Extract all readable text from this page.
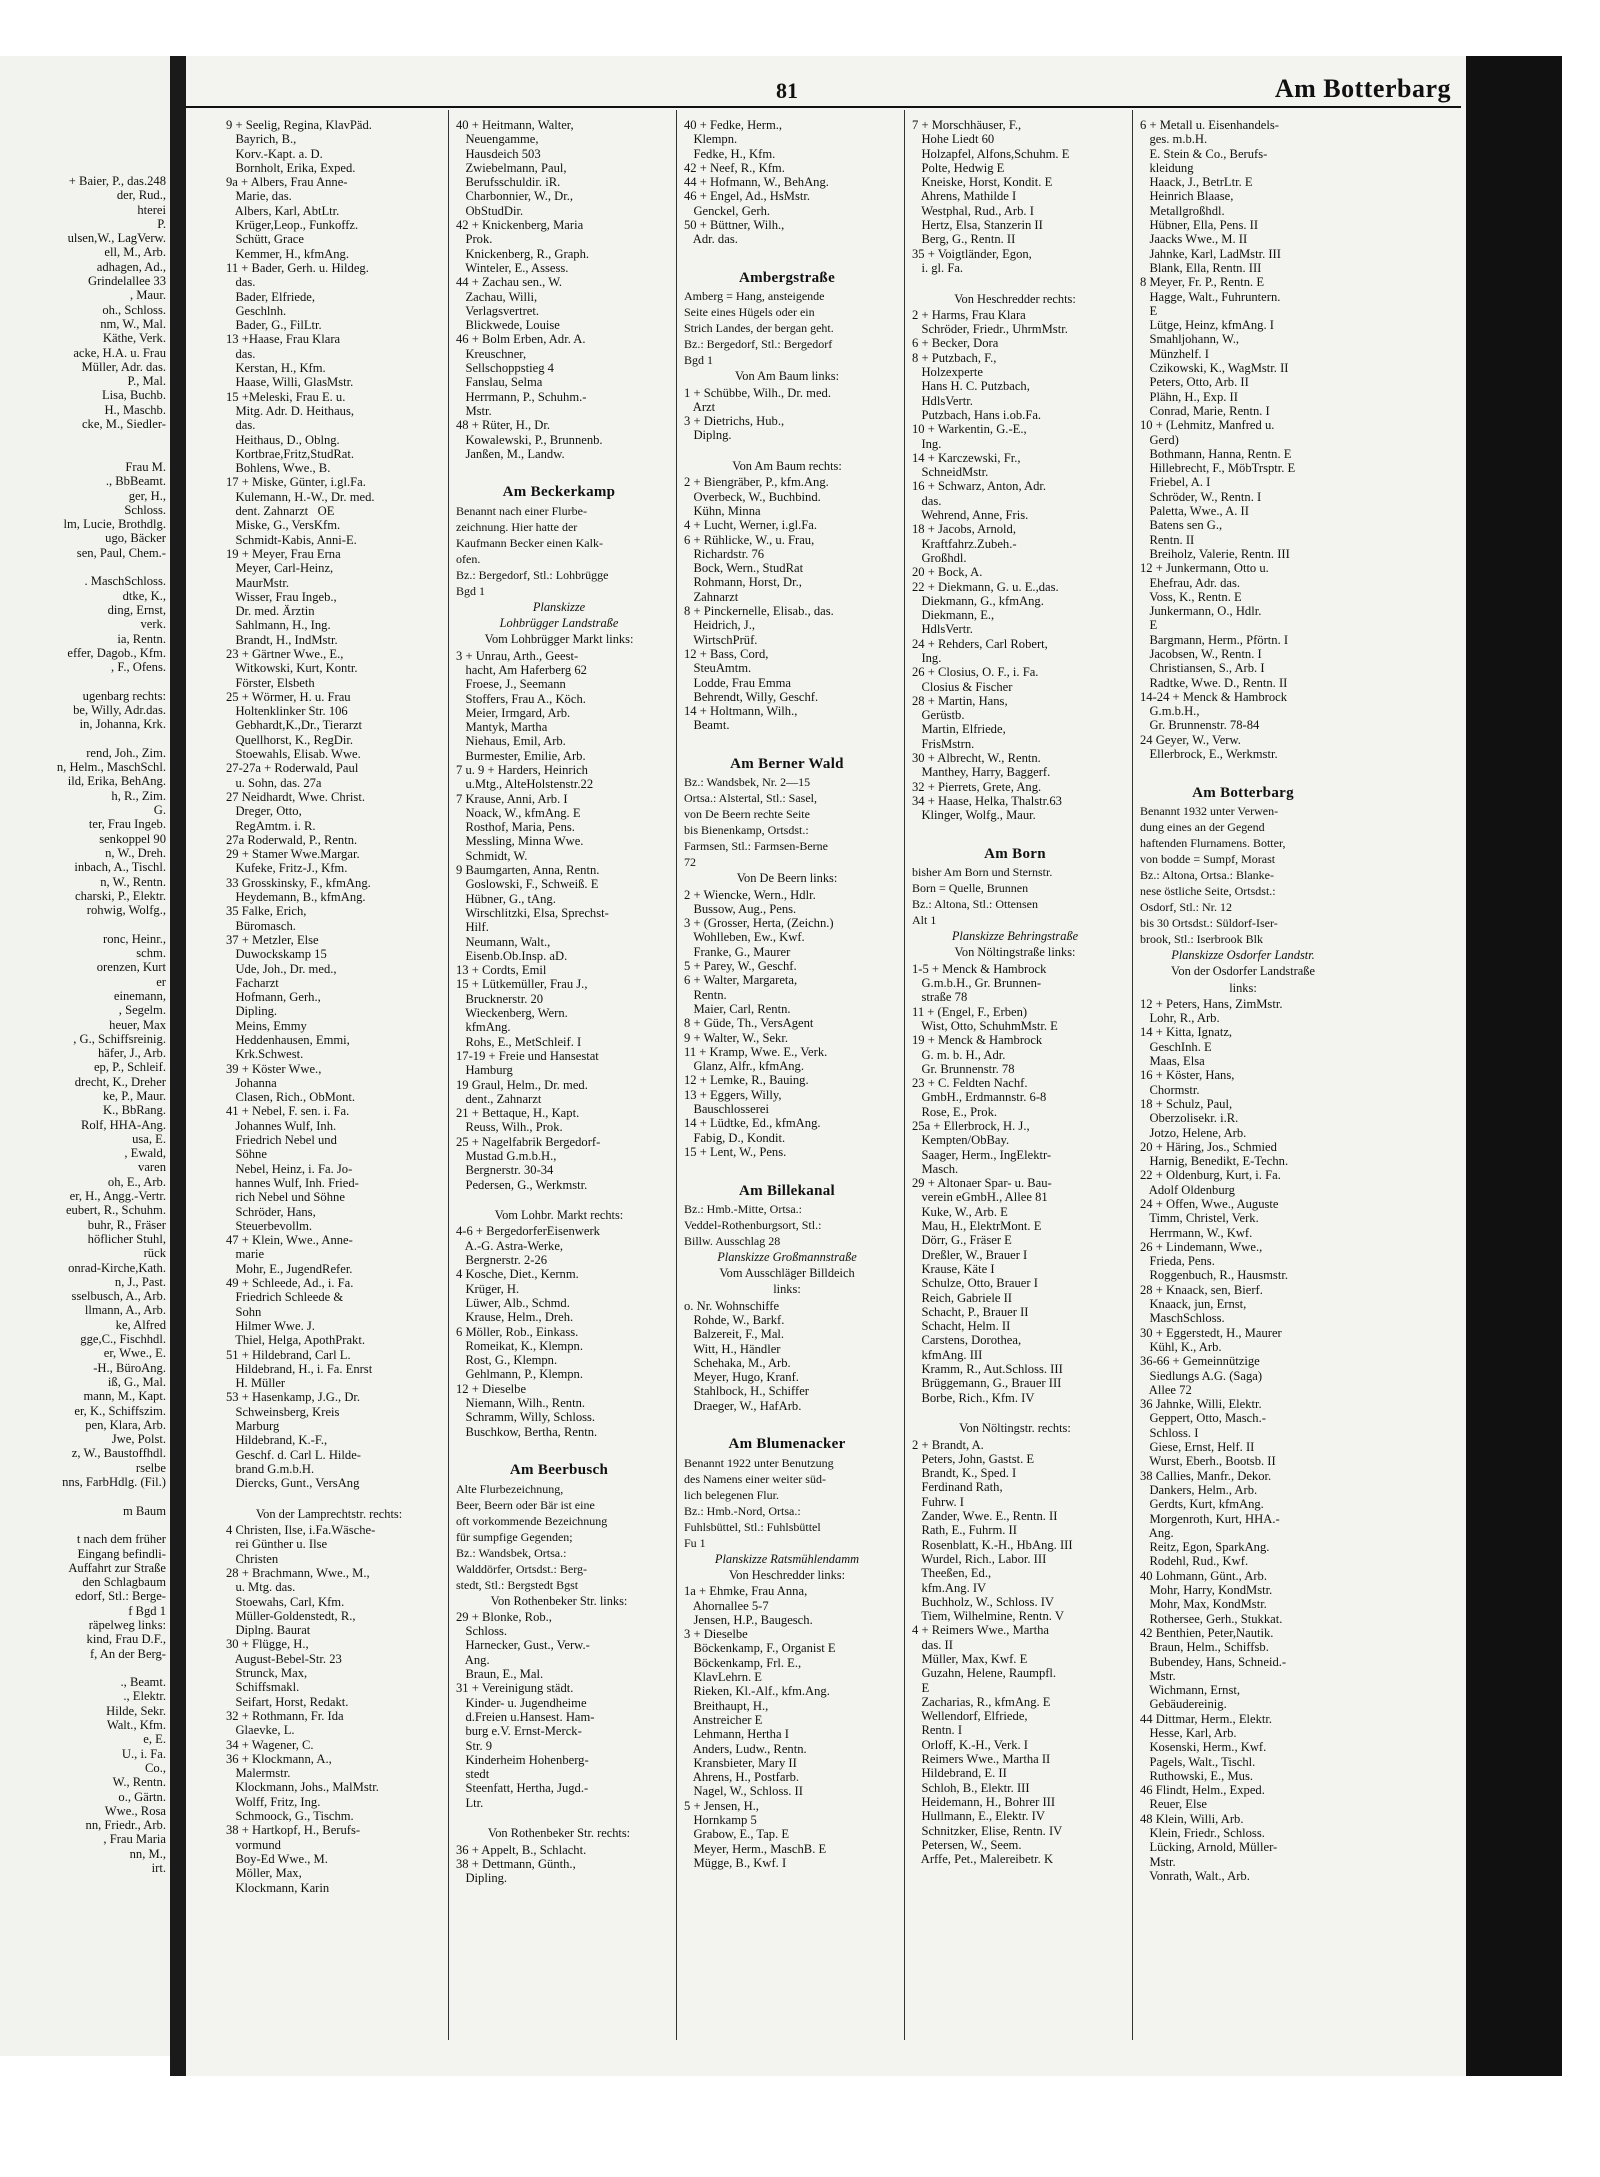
+ Baier, P., das.248
der, Rud.,
hterei
P.
ulsen,W., LagVerw.
ell, M., Arb.
adhagen, Ad.,
Grindelallee 33
, Maur.
oh., Schloss.
nm, W., Mal.
Käthe, Verk.
acke, H.A. u. Frau
Müller, Adr. das.
P., Mal.
Lisa, Buchb.
H., Maschb.
cke, M., Siedler-

Frau M.
., BbBeamt.
ger, H.,
Schloss.
lm, Lucie, Brothdlg.
ugo, Bäcker
sen, Paul, Chem.-

. MaschSchloss.
dtke, K.,
ding, Ernst,
verk.
ia, Rentn.
effer, Dagob., Kfm.
, F., Ofens.

ugenbarg rechts:
be, Willy, Adr.das.
in, Johanna, Krk.

rend, Joh., Zim.
n, Helm., MaschSchl.
ild, Erika, BehAng.
h, R., Zim.
G.
ter, Frau Ingeb.
senkoppel 90
n, W., Dreh.
inbach, A., Tischl.
n, W., Rentn.
charski, P., Elektr.
rohwig, Wolfg.,

ronc, Heinr.,
schm.
orenzen, Kurt
er
einemann,
, Segelm.
heuer, Max
, G., Schiffsreinig.
häfer, J., Arb.
ep, P., Schleif.
drecht, K., Dreher
ke, P., Maur.
K., BbRang.
Rolf, HHA-Ang.
usa, E.
, Ewald,
varen
oh, E., Arb.
er, H., Angg.-Vertr.
eubert, R., Schuhm.
buhr, R., Fräser
höflicher Stuhl,
rück
onrad-Kirche,Kath.
n, J., Past.
sselbusch, A., Arb.
llmann, A., Arb.
ke, Alfred
gge,C., Fischhdl.
er, Wwe., E.
-H., BüroAng.
iß, G., Mal.
mann, M., Kapt.
er, K., Schiffszim.
pen, Klara, Arb.
Jwe, Polst.
z, W., Baustoffhdl.
rselbe
nns, FarbHdlg. (Fil.)

m Baum

t nach dem früher
Eingang befindli-
Auffahrt zur Straße
den Schlagbaum
edorf, Stl.: Berge-
f Bgd 1
räpelweg links:
kind, Frau D.F.,
f, An der Berg-

., Beamt.
., Elektr.
Hilde, Sekr.
Walt., Kfm.
e, E.
U., i. Fa.
Co.,
W., Rentn.
o., Gärtn.
Wwe., Rosa
nn, Friedr., Arb.
, Frau Maria
nn, M.,
irt.
81	Am Botterbarg
9 + Seelig, Regina, KlavPäd.
Bayrich, B.,
Korv.-Kapt. a. D.
Bornholt, Erika, Exped.
9a + Albers, Frau Anne-
Marie, das.
Albers, Karl, AbtLtr.
Krüger,Leop., Funkoffz.
Schütt, Grace
Kemmer, H., kfmAng.
11 + Bader, Gerh. u. Hildeg.
das.
Bader, Elfriede,
Geschlnh.
Bader, G., FilLtr.
13 +Haase, Frau Klara
das.
Kerstan, H., Kfm.
Haase, Willi, GlasMstr.
15 +Meleski, Frau E. u.
Mitg. Adr. D. Heithaus,
das.
Heithaus, D., Oblng.
Kortbrae,Fritz,StudRat.
Bohlens, Wwe., B.
17 + Miske, Günter, i.gl.Fa.
Kulemann, H.-W., Dr. med.
dent. Zahnarzt   OE
Miske, G., VersKfm.
Schmidt-Kabis, Anni-E.
19 + Meyer, Frau Erna
Meyer, Carl-Heinz,
MaurMstr.
Wisser, Frau Ingeb.,
Dr. med. Ärztin
Sahlmann, H., Ing.
Brandt, H., IndMstr.
23 + Gärtner Wwe., E.,
Witkowski, Kurt, Kontr.
Förster, Elsbeth
25 + Wörmer, H. u. Frau
Holtenklinker Str. 106
Gebhardt,K.,Dr., Tierarzt
Quellhorst, K., RegDir.
Stoewahls, Elisab. Wwe.
27-27a + Roderwald, Paul
u. Sohn, das. 27a
27 Neidhardt, Wwe. Christ.
Dreger, Otto,
RegAmtm. i. R.
27a Roderwald, P., Rentn.
29 + Stamer Wwe.Margar.
Kufeke, Fritz-J., Kfm.
33 Grosskinsky, F., kfmAng.
Heydemann, B., kfmAng.
35 Falke, Erich,
Büromasch.
37 + Metzler, Else
Duwockskamp 15
Ude, Joh., Dr. med.,
Facharzt
Hofmann, Gerh.,
Dipling.
Meins, Emmy
Heddenhausen, Emmi,
Krk.Schwest.
39 + Köster Wwe.,
Johanna
Clasen, Rich., ObMont.
41 + Nebel, F. sen. i. Fa.
Johannes Wulf, Inh.
Friedrich Nebel und
Söhne
Nebel, Heinz, i. Fa. Jo-
hannes Wulf, Inh. Fried-
rich Nebel und Söhne
Schröder, Hans,
Steuerbevollm.
47 + Klein, Wwe., Anne-
marie
Mohr, E., JugendRefer.
49 + Schleede, Ad., i. Fa.
Friedrich Schleede &
Sohn
Hilmer Wwe. J.
Thiel, Helga, ApothPrakt.
51 + Hildebrand, Carl L.
Hildebrand, H., i. Fa. Enrst
H. Müller
53 + Hasenkamp, J.G., Dr.
Schweinsberg, Kreis
Marburg
Hildebrand, K.-F.,
Geschf. d. Carl L. Hilde-
brand G.m.b.H.
Diercks, Gunt., VersAng

Von der Lamprechtstr. rechts:
4 Christen, Ilse, i.Fa.Wäsche-
rei Günther u. Ilse
Christen
28 + Brachmann, Wwe., M.,
u. Mtg. das.
Stoewahs, Carl, Kfm.
Müller-Goldenstedt, R.,
Diplng. Baurat
30 + Flügge, H.,
August-Bebel-Str. 23
Strunck, Max,
Schiffsmakl.
Seifart, Horst, Redakt.
32 + Rothmann, Fr. Ida
Glaevke, L.
34 + Wagener, C.
36 + Klockmann, A.,
Malermstr.
Klockmann, Johs., MalMstr.
Wolff, Fritz, Ing.
Schmoock, G., Tischm.
38 + Hartkopf, H., Berufs-
vormund
Boy-Ed Wwe., M.
Möller, Max,
Klockmann, Karin
40 + Heitmann, Walter,
Neuengamme,
Hausdeich 503
Zwiebelmann, Paul,
Berufsschuldir. iR.
Charbonnier, W., Dr.,
ObStudDir.
42 + Knickenberg, Maria
Prok.
Knickenberg, R., Graph.
Winteler, E., Assess.
44 + Zachau sen., W.
Zachau, Willi,
Verlagsvertret.
Blickwede, Louise
46 + Bolm Erben, Adr. A.
Kreuschner,
Sellschoppstieg 4
Fanslau, Selma
Herrmann, P., Schuhm.-
Mstr.
48 + Rüter, H., Dr.
Kowalewski, P., Brunnenb.
Janßen, M., Landw.

Am Beckerkamp
Benannt nach einer Flurbe-
zeichnung. Hier hatte der
Kaufmann Becker einen Kalk-
ofen.
Bz.: Bergedorf, Stl.: Lohbrügge
Bgd 1
Planskizze
Lohbrügger Landstraße
Vom Lohbrügger Markt links:
3 + Unrau, Arth., Geest-
hacht, Am Haferberg 62
Froese, J., Seemann
Stoffers, Frau A., Köch.
Meier, Irmgard, Arb.
Mantyk, Martha
Niehaus, Emil, Arb.
Burmester, Emilie, Arb.
7 u. 9 + Harders, Heinrich
u.Mtg., AlteHolstenstr.22
7 Krause, Anni, Arb. I
Noack, W., kfmAng. E
Rosthof, Maria, Pens.
Messling, Minna Wwe.
Schmidt, W.
9 Baumgarten, Anna, Rentn.
Goslowski, F., Schweiß. E
Hübner, G., tAng.
Wirschlitzki, Elsa, Sprechst-
Hilf.
Neumann, Walt.,
Eisenb.Ob.Insp. aD.
13 + Cordts, Emil
15 + Lütkemüller, Frau J.,
Brucknerstr. 20
Wieckenberg, Wern.
kfmAng.
Rohs, E., MetSchleif. I
17-19 + Freie und Hansestat
Hamburg
19 Graul, Helm., Dr. med.
dent., Zahnarzt
21 + Bettaque, H., Kapt.
Reuss, Wilh., Prok.
25 + Nagelfabrik Bergedorf-
Mustad G.m.b.H.,
Bergnerstr. 30-34
Pedersen, G., Werkmstr.

Vom Lohbr. Markt rechts:
4-6 + BergedorferEisenwerk
A.-G. Astra-Werke,
Bergnerstr. 2-26
4 Kosche, Diet., Kernm.
Krüger, H.
Lüwer, Alb., Schmd.
Krause, Helm., Dreh.
6 Möller, Rob., Einkass.
Romeikat, K., Klempn.
Rost, G., Klempn.
Gehlmann, P., Klempn.
12 + Dieselbe
Niemann, Wilh., Rentn.
Schramm, Willy, Schloss.
Buschkow, Bertha, Rentn.

Am Beerbusch
Alte Flurbezeichnung,
Beer, Beern oder Bär ist eine
oft vorkommende Bezeichnung
für sumpfige Gegenden;
Bz.: Wandsbek, Ortsa.:
Walddörfer, Ortsdst.: Berg-
stedt, Stl.: Bergstedt Bgst
Von Rothenbeker Str. links:
29 + Blonke, Rob.,
Schloss.
Harnecker, Gust., Verw.-
Ang.
Braun, E., Mal.
31 + Vereinigung städt.
Kinder- u. Jugendheime
d.Freien u.Hansest. Ham-
burg e.V. Ernst-Merck-
Str. 9
Kinderheim Hohenberg-
stedt
Steenfatt, Hertha, Jugd.-
Ltr.

Von Rothenbeker Str. rechts:
36 + Appelt, B., Schlacht.
38 + Dettmann, Günth.,
Dipling.
40 + Fedke, Herm.,
Klempn.
Fedke, H., Kfm.
42 + Neef, R., Kfm.
44 + Hofmann, W., BehAng.
46 + Engel, Ad., HsMstr.
Genckel, Gerh.
50 + Büttner, Wilh.,
Adr. das.

Ambergstraße
Amberg = Hang, ansteigende
Seite eines Hügels oder ein
Strich Landes, der bergan geht.
Bz.: Bergedorf, Stl.: Bergedorf
Bgd 1
Von Am Baum links:
1 + Schübbe, Wilh., Dr. med.
Arzt
3 + Dietrichs, Hub.,
Diplng.

Von Am Baum rechts:
2 + Biengräber, P., kfm.Ang.
Overbeck, W., Buchbind.
Kühn, Minna
4 + Lucht, Werner, i.gl.Fa.
6 + Rühlicke, W., u. Frau,
Richardstr. 76
Bock, Wern., StudRat
Rohmann, Horst, Dr.,
Zahnarzt
8 + Pinckernelle, Elisab., das.
Heidrich, J.,
WirtschPrüf.
12 + Bass, Cord,
SteuAmtm.
Lodde, Frau Emma
Behrendt, Willy, Geschf.
14 + Holtmann, Wilh.,
Beamt.

Am Berner Wald
Bz.: Wandsbek, Nr. 2—15
Ortsa.: Alstertal, Stl.: Sasel,
von De Beern rechte Seite
bis Bienenkamp, Ortsdst.:
Farmsen, Stl.: Farmsen-Berne
72
Von De Beern links:
2 + Wiencke, Wern., Hdlr.
Bussow, Aug., Pens.
3 + (Grosser, Herta, (Zeichn.)
Wohlleben, Ew., Kwf.
Franke, G., Maurer
5 + Parey, W., Geschf.
6 + Walter, Margareta,
Rentn.
Maier, Carl, Rentn.
8 + Güde, Th., VersAgent
9 + Walter, W., Sekr.
11 + Kramp, Wwe. E., Verk.
Glanz, Alfr., kfmAng.
12 + Lemke, R., Bauing.
13 + Eggers, Willy,
Bauschlosserei
14 + Lüdtke, Ed., kfmAng.
Fabig, D., Kondit.
15 + Lent, W., Pens.

Am Billekanal
Bz.: Hmb.-Mitte, Ortsa.:
Veddel-Rothenburgsort, Stl.:
Billw. Ausschlag 28
Planskizze Großmannstraße
Vom Ausschläger Billdeich
links:
o. Nr. Wohnschiffe
Rohde, W., Barkf.
Balzereit, F., Mal.
Witt, H., Händler
Schehaka, M., Arb.
Meyer, Hugo, Kranf.
Stahlbock, H., Schiffer
Draeger, W., HafArb.

Am Blumenacker
Benannt 1922 unter Benutzung
des Namens einer weiter süd-
lich belegenen Flur.
Bz.: Hmb.-Nord, Ortsa.:
Fuhlsbüttel, Stl.: Fuhlsbüttel
Fu 1
Planskizze Ratsmühlendamm
Von Heschredder links:
1a + Ehmke, Frau Anna,
Ahornallee 5-7
Jensen, H.P., Baugesch.
3 + Dieselbe
Böckenkamp, F., Organist E
Böckenkamp, Frl. E.,
KlavLehrn. E
Rieken, Kl.-Alf., kfm.Ang.
Breithaupt, H.,
Anstreicher E
Lehmann, Hertha I
Anders, Ludw., Rentn.
Kransbieter, Mary II
Ahrens, H., Postfarb.
Nagel, W., Schloss. II
5 + Jensen, H.,
Hornkamp 5
Grabow, E., Tap. E
Meyer, Herm., MaschB. E
Mügge, B., Kwf. I
7 + Morschhäuser, F.,
Hohe Liedt 60
Holzapfel, Alfons,Schuhm. E
Polte, Hedwig E
Kneiske, Horst, Kondit. E
Ahrens, Mathilde I
Westphal, Rud., Arb. I
Hertz, Elsa, Stanzerin II
Berg, G., Rentn. II
35 + Voigtländer, Egon,
i. gl. Fa.

Von Heschredder rechts:
2 + Harms, Frau Klara
Schröder, Friedr., UhrmMstr.
6 + Becker, Dora
8 + Putzbach, F.,
Holzexperte
Hans H. C. Putzbach,
HdlsVertr.
Putzbach, Hans i.ob.Fa.
10 + Warkentin, G.-E.,
Ing.
14 + Karczewski, Fr.,
SchneidMstr.
16 + Schwarz, Anton, Adr.
das.
Wehrend, Anne, Fris.
18 + Jacobs, Arnold,
Kraftfahrz.Zubeh.-
Großhdl.
20 + Bock, A.
22 + Diekmann, G. u. E.,das.
Diekmann, G., kfmAng.
Diekmann, E.,
HdlsVertr.
24 + Rehders, Carl Robert,
Ing.
26 + Closius, O. F., i. Fa.
Closius & Fischer
28 + Martin, Hans,
Gerüstb.
Martin, Elfriede,
FrisMstrn.
30 + Albrecht, W., Rentn.
Manthey, Harry, Baggerf.
32 + Pierrets, Grete, Ang.
34 + Haase, Helka, Thalstr.63
Klinger, Wolfg., Maur.

Am Born
bisher Am Born und Sternstr.
Born = Quelle, Brunnen
Bz.: Altona, Stl.: Ottensen
Alt 1
Planskizze Behringstraße
Von Nöltingstraße links:
1-5 + Menck & Hambrock
G.m.b.H., Gr. Brunnen-
straße 78
11 + (Engel, F., Erben)
Wist, Otto, SchuhmMstr. E
19 + Menck & Hambrock
G. m. b. H., Adr.
Gr. Brunnenstr. 78
23 + C. Feldten Nachf.
GmbH., Erdmannstr. 6-8
Rose, E., Prok.
25a + Ellerbrock, H. J.,
Kempten/ObBay.
Saager, Herm., IngElektr-
Masch.
29 + Altonaer Spar- u. Bau-
verein eGmbH., Allee 81
Kuke, W., Arb. E
Mau, H., ElektrMont. E
Dörr, G., Fräser E
Dreßler, W., Brauer I
Krause, Käte I
Schulze, Otto, Brauer I
Reich, Gabriele II
Schacht, P., Brauer II
Schacht, Helm. II
Carstens, Dorothea,
kfmAng. III
Kramm, R., Aut.Schloss. III
Brüggemann, G., Brauer III
Borbe, Rich., Kfm. IV

Von Nöltingstr. rechts:
2 + Brandt, A.
Peters, John, Gastst. E
Brandt, K., Sped. I
Ferdinand Rath,
Fuhrw. I
Zander, Wwe. E., Rentn. II
Rath, E., Fuhrm. II
Rosenblatt, K.-H., HbAng. III
Wurdel, Rich., Labor. III
Theeßen, Ed.,
kfm.Ang. IV
Buchholz, W., Schloss. IV
Tiem, Wilhelmine, Rentn. V
4 + Reimers Wwe., Martha
das. II
Müller, Max, Kwf. E
Guzahn, Helene, Raumpfl.
E
Zacharias, R., kfmAng. E
Wellendorf, Elfriede,
Rentn. I
Orloff, K.-H., Verk. I
Reimers Wwe., Martha II
Hildebrand, E. II
Schloh, B., Elektr. III
Heidemann, H., Bohrer III
Hullmann, E., Elektr. IV
Schnitzker, Elise, Rentn. IV
Petersen, W., Seem.
Arffe, Pet., Malereibetr. K
6 + Metall u. Eisenhandels-
ges. m.b.H.
E. Stein & Co., Berufs-
kleidung
Haack, J., BetrLtr. E
Heinrich Blaase,
Metallgroßhdl.
Hübner, Ella, Pens. II
Jaacks Wwe., M. II
Jahnke, Karl, LadMstr. III
Blank, Ella, Rentn. III
8 Meyer, Fr. P., Rentn. E
Hagge, Walt., Fuhruntern.
E
Lütge, Heinz, kfmAng. I
Smahljohann, W.,
Münzhelf. I
Czikowski, K., WagMstr. II
Peters, Otto, Arb. II
Plähn, H., Exp. II
Conrad, Marie, Rentn. I
10 + (Lehmitz, Manfred u.
Gerd)
Bothmann, Hanna, Rentn. E
Hillebrecht, F., MöbTrsptr. E
Friebel, A. I
Schröder, W., Rentn. I
Paletta, Wwe., A. II
Batens sen G.,
Rentn. II
Breiholz, Valerie, Rentn. III
12 + Junkermann, Otto u.
Ehefrau, Adr. das.
Voss, K., Rentn. E
Junkermann, O., Hdlr.
E
Bargmann, Herm., Pförtn. I
Jacobsen, W., Rentn. I
Christiansen, S., Arb. I
Radtke, Wwe. D., Rentn. II
14-24 + Menck & Hambrock
G.m.b.H.,
Gr. Brunnenstr. 78-84
24 Geyer, W., Verw.
Ellerbrock, E., Werkmstr.

Am Botterbarg
Benannt 1932 unter Verwen-
dung eines an der Gegend
haftenden Flurnamens. Botter,
von bodde = Sumpf, Morast
Bz.: Altona, Ortsa.: Blanke-
nese östliche Seite, Ortsdst.:
Osdorf, Stl.: Nr. 12
bis 30 Ortsdst.: Süldorf-Iser-
brook, Stl.: Iserbrook Blk
Planskizze Osdorfer Landstr.
Von der Osdorfer Landstraße
links:
12 + Peters, Hans, ZimMstr.
Lohr, R., Arb.
14 + Kitta, Ignatz,
GeschInh. E
Maas, Elsa
16 + Köster, Hans,
Chormstr.
18 + Schulz, Paul,
Oberzolisekr. i.R.
Jotzo, Helene, Arb.
20 + Häring, Jos., Schmied
Harnig, Benedikt, E-Techn.
22 + Oldenburg, Kurt, i. Fa.
Adolf Oldenburg
24 + Offen, Wwe., Auguste
Timm, Christel, Verk.
Herrmann, W., Kwf.
26 + Lindemann, Wwe.,
Frieda, Pens.
Roggenbuch, R., Hausmstr.
28 + Knaack, sen, Bierf.
Knaack, jun, Ernst,
MaschSchloss.
30 + Eggerstedt, H., Maurer
Kühl, K., Arb.
36-66 + Gemeinnützige
Siedlungs A.G. (Saga)
Allee 72
36 Jahnke, Willi, Elektr.
Geppert, Otto, Masch.-
Schloss. I
Giese, Ernst, Helf. II
Wurst, Eberh., Bootsb. II
38 Callies, Manfr., Dekor.
Dankers, Helm., Arb.
Gerdts, Kurt, kfmAng.
Morgenroth, Kurt, HHA.-
Ang.
Reitz, Egon, SparkAng.
Rodehl, Rud., Kwf.
40 Lohmann, Günt., Arb.
Mohr, Harry, KondMstr.
Mohr, Max, KondMstr.
Rothersee, Gerh., Stukkat.
42 Benthien, Peter,Nautik.
Braun, Helm., Schiffsb.
Bubendey, Hans, Schneid.-
Mstr.
Wichmann, Ernst,
Gebäudereinig.
44 Dittmar, Herm., Elektr.
Hesse, Karl, Arb.
Kosenski, Herm., Kwf.
Pagels, Walt., Tischl.
Ruthowski, E., Mus.
46 Flindt, Helm., Exped.
Reuer, Else
48 Klein, Willi, Arb.
Klein, Friedr., Schloss.
Lücking, Arnold, Müller-
Mstr.
Vonrath, Walt., Arb.
